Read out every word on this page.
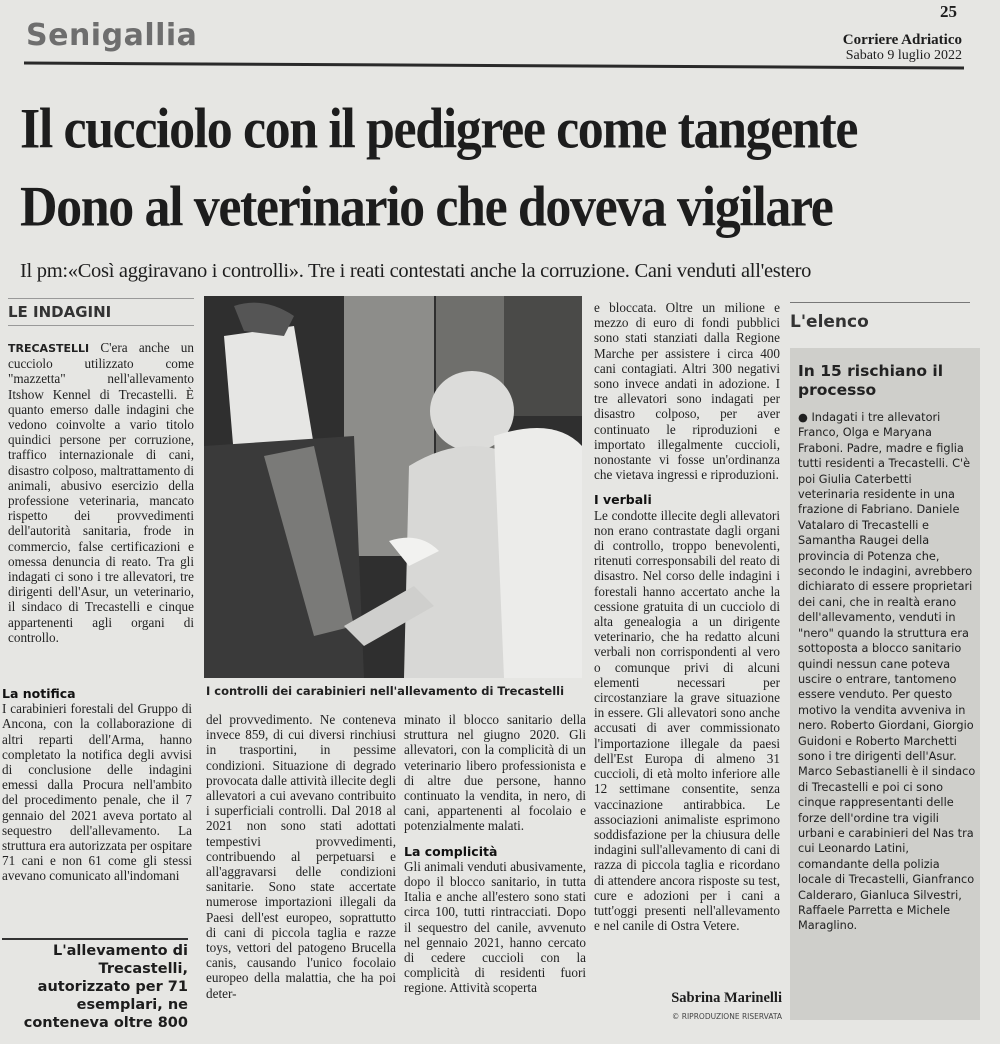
Senigallia
25
Corriere Adriatico
Sabato 9 luglio 2022
Il cucciolo con il pedigree come tangente
Dono al veterinario che doveva vigilare
Il pm:«Così aggiravano i controlli». Tre i reati contestati anche la corruzione. Cani venduti all'estero
LE INDAGINI

TRECASTELLI C'era anche un cucciolo utilizzato come "mazzetta" nell'allevamento Itshow Kennel di Trecastelli. È quanto emerso dalle indagini che vedono coinvolte a vario titolo quindici persone per corruzione, traffico internazionale di cani, disastro colposo, maltrattamento di animali, abusivo esercizio della professione veterinaria, mancato rispetto dei provvedimenti dell'autorità sanitaria, frode in commercio, false certificazioni e omessa denuncia di reato. Tra gli indagati ci sono i tre allevatori, tre dirigenti dell'Asur, un veterinario, il sindaco di Trecastelli e cinque appartenenti agli organi di controllo.

La notifica

I carabinieri forestali del Gruppo di Ancona, con la collaborazione di altri reparti dell'Arma, hanno completato la notifica degli avvisi di conclusione delle indagini emessi dalla Procura nell'ambito del procedimento penale, che il 7 gennaio del 2021 aveva portato al sequestro dell'allevamento. La struttura era autorizzata per ospitare 71 cani e non 61 come gli stessi avevano comunicato all'indomani

I controlli dei carabinieri nell'allevamento di Trecastelli

del provvedimento. Ne conteneva invece 859, di cui diversi rinchiusi in trasportini, in pessime condizioni. Situazione di degrado provocata dalle attività illecite degli allevatori a cui avevano contribuito i superficiali controlli. Dal 2018 al 2021 non sono stati adottati tempestivi provvedimenti, contribuendo al perpetuarsi e all'aggravarsi delle condizioni sanitarie. Sono state accertate numerose importazioni illegali da Paesi dell'est europeo, soprattutto di cani di piccola taglia e razze toys, vettori del patogeno Brucella canis, causando l'unico focolaio europeo della malattia, che ha poi deter-

minato il blocco sanitario della struttura nel giugno 2020. Gli allevatori, con la complicità di un veterinario libero professionista e di altre due persone, hanno continuato la vendita, in nero, di cani, appartenenti al focolaio e potenzialmente malati.

La complicità

Gli animali venduti abusivamente, dopo il blocco sanitario, in tutta Italia e anche all'estero sono stati circa 100, tutti rintracciati. Dopo il sequestro del canile, avvenuto nel gennaio 2021, hanno cercato di cedere cuccioli con la complicità di residenti fuori regione. Attività scoperta

e bloccata. Oltre un milione e mezzo di euro di fondi pubblici sono stati stanziati dalla Regione Marche per assistere i circa 400 cani contagiati. Altri 300 negativi sono invece andati in adozione. I tre allevatori sono indagati per disastro colposo, per aver continuato le riproduzioni e importato illegalmente cuccioli, nonostante vi fosse un'ordinanza che vietava ingressi e riproduzioni.

I verbali

Le condotte illecite degli allevatori non erano contrastate dagli organi di controllo, troppo benevolenti, ritenuti corresponsabili del reato di disastro. Nel corso delle indagini i forestali hanno accertato anche la cessione gratuita di un cucciolo di alta genealogia a un dirigente veterinario, che ha redatto alcuni verbali non corrispondenti al vero o comunque privi di alcuni elementi necessari per circostanziare la grave situazione in essere. Gli allevatori sono anche accusati di aver commissionato l'importazione illegale da paesi dell'Est Europa di almeno 31 cuccioli, di età molto inferiore alle 12 settimane consentite, senza vaccinazione antirabbica. Le associazioni animaliste esprimono soddisfazione per la chiusura delle indagini sull'allevamento di cani di razza di piccola taglia e ricordano di attendere ancora risposte su test, cure e adozioni per i cani a tutt'oggi presenti nell'allevamento e nel canile di Ostra Vetere.

L'allevamento di Trecastelli, autorizzato per 71 esemplari, ne conteneva oltre 800
Sabrina Marinelli
© RIPRODUZIONE RISERVATA
L'elenco
In 15 rischiano il processo
● Indagati i tre allevatori Franco, Olga e Maryana Fraboni. Padre, madre e figlia tutti residenti a Trecastelli. C'è poi Giulia Caterbetti veterinaria residente in una frazione di Fabriano. Daniele Vatalaro di Trecastelli e Samantha Raugei della provincia di Potenza che, secondo le indagini, avrebbero dichiarato di essere proprietari dei cani, che in realtà erano dell'allevamento, venduti in "nero" quando la struttura era sottoposta a blocco sanitario quindi nessun cane poteva uscire o entrare, tantomeno essere venduto. Per questo motivo la vendita avveniva in nero. Roberto Giordani, Giorgio Guidoni e Roberto Marchetti sono i tre dirigenti dell'Asur. Marco Sebastianelli è il sindaco di Trecastelli e poi ci sono cinque rappresentanti delle forze dell'ordine tra vigili urbani e carabinieri del Nas tra cui Leonardo Latini, comandante della polizia locale di Trecastelli, Gianfranco Calderaro, Gianluca Silvestri, Raffaele Parretta e Michele Maraglino.
